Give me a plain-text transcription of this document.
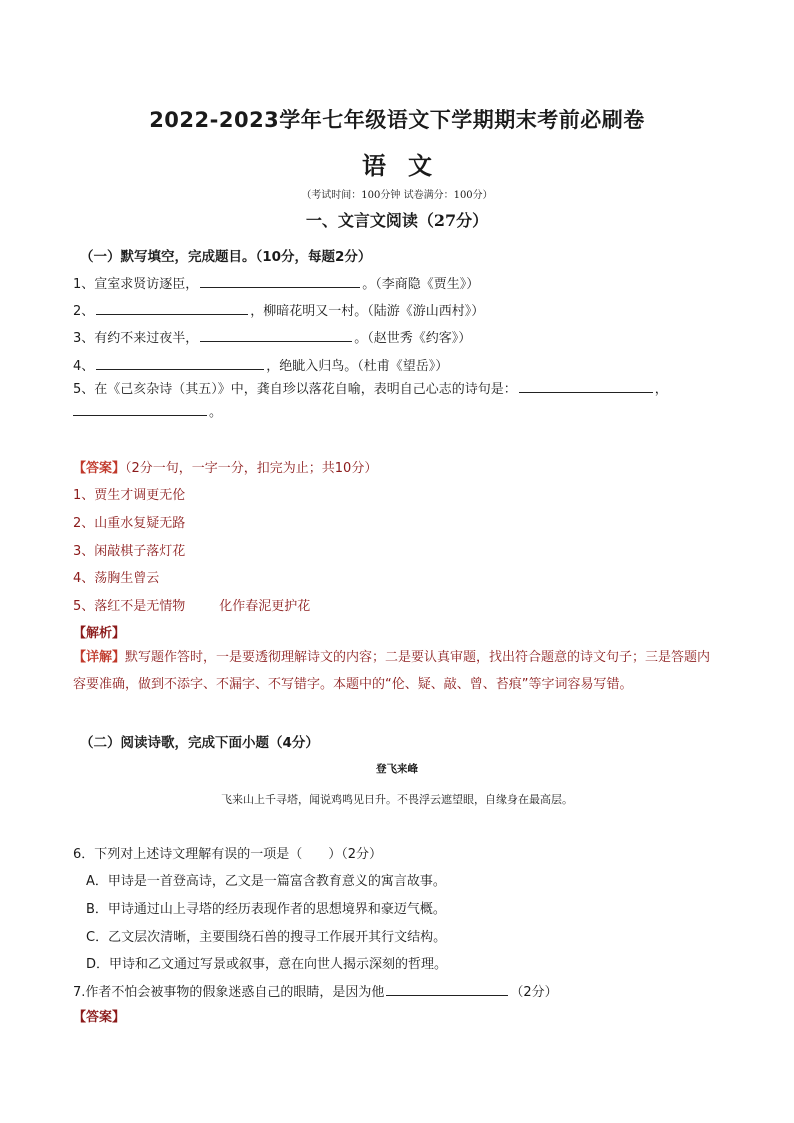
2022-2023学年七年级语文下学期期末考前必刷卷
语文
（考试时间：100分钟 试卷满分：100分）
一、文言文阅读（27分）
（一）默写填空，完成题目。（10分，每题2分）
1、宣室求贤访逐臣，	。（李商隐《贾生》）
2、	，柳暗花明又一村。（陆游《游山西村》）
3、有约不来过夜半，	。（赵世秀《约客》）
4、	，绝眦入归鸟。（杜甫《望岳》）
5、在《己亥杂诗（其五）》中，龚自珍以落花自喻，表明自己心志的诗句是：	，
。
【答案】（2分一句，一字一分，扣完为止；共10分）
1、贾生才调更无伦
2、山重水复疑无路
3、闲敲棋子落灯花
4、荡胸生曾云
5、落红不是无情物	化作春泥更护花
【解析】
【详解】默写题作答时，一是要透彻理解诗文的内容；二是要认真审题，找出符合题意的诗文句子；三是答题内容要准确，做到不添字、不漏字、不写错字。本题中的“伦、疑、敲、曾、苔痕”等字词容易写错。
（二）阅读诗歌，完成下面小题（4分）
登飞来峰
飞来山上千寻塔，闻说鸡鸣见日升。不畏浮云遮望眼，自缘身在最高层。
6．下列对上述诗文理解有误的一项是（　　）（2分）
A．甲诗是一首登高诗，乙文是一篇富含教育意义的寓言故事。
B．甲诗通过山上寻塔的经历表现作者的思想境界和豪迈气概。
C．乙文层次清晰，主要围绕石兽的搜寻工作展开其行文结构。
D．甲诗和乙文通过写景或叙事，意在向世人揭示深刻的哲理。
7.作者不怕会被事物的假象迷惑自己的眼睛，是因为他	（2分）
【答案】
